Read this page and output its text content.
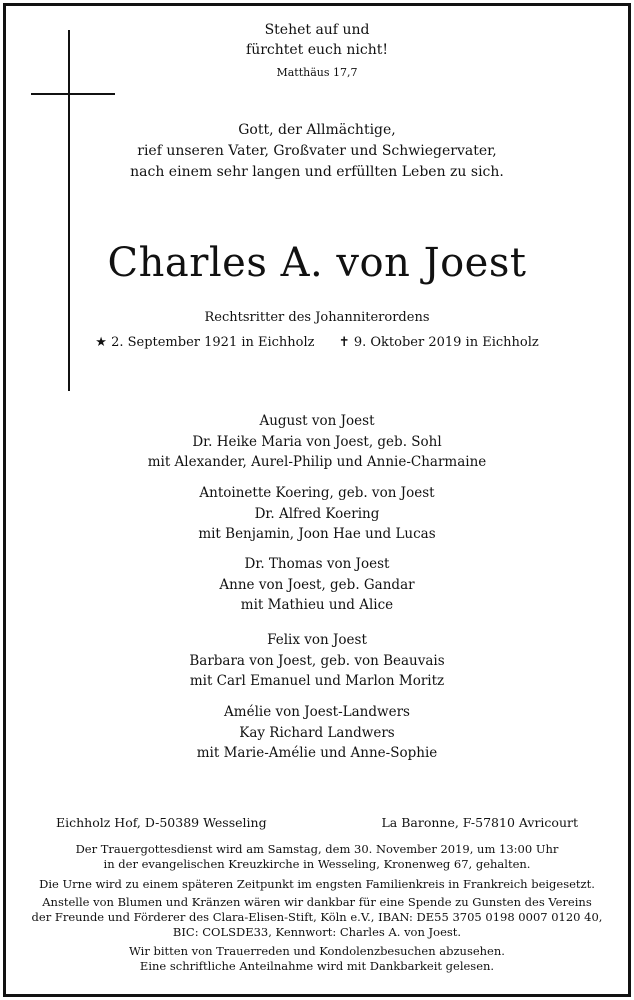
Stehet auf und
fürchtet euch nicht!
Matthäus 17,7
Gott, der Allmächtige,
rief unseren Vater, Großvater und Schwiegervater,
nach einem sehr langen und erfüllten Leben zu sich.
Charles A. von Joest
Rechtsritter des Johanniterordens
★ 2. September 1921 in Eichholz ✝ 9. Oktober 2019 in Eichholz
August von Joest
Dr. Heike Maria von Joest, geb. Sohl
mit Alexander, Aurel-Philip und Annie-Charmaine
Antoinette Koering, geb. von Joest
Dr. Alfred Koering
mit Benjamin, Joon Hae und Lucas
Dr. Thomas von Joest
Anne von Joest, geb. Gandar
mit Mathieu und Alice
Felix von Joest
Barbara von Joest, geb. von Beauvais
mit Carl Emanuel und Marlon Moritz
Amélie von Joest-Landwers
Kay Richard Landwers
mit Marie-Amélie und Anne-Sophie
Eichholz Hof, D-50389 Wesseling	La Baronne, F-57810 Avricourt
Der Trauergottesdienst wird am Samstag, dem 30. November 2019, um 13:00 Uhr
in der evangelischen Kreuzkirche in Wesseling, Kronenweg 67, gehalten.
Die Urne wird zu einem späteren Zeitpunkt im engsten Familienkreis in Frankreich beigesetzt.
Anstelle von Blumen und Kränzen wären wir dankbar für eine Spende zu Gunsten des Vereins
der Freunde und Förderer des Clara-Elisen-Stift, Köln e.V., IBAN: DE55 3705 0198 0007 0120 40,
BIC: COLSDE33, Kennwort: Charles A. von Joest.
Wir bitten von Trauerreden und Kondolenzbesuchen abzusehen.
Eine schriftliche Anteilnahme wird mit Dankbarkeit gelesen.
